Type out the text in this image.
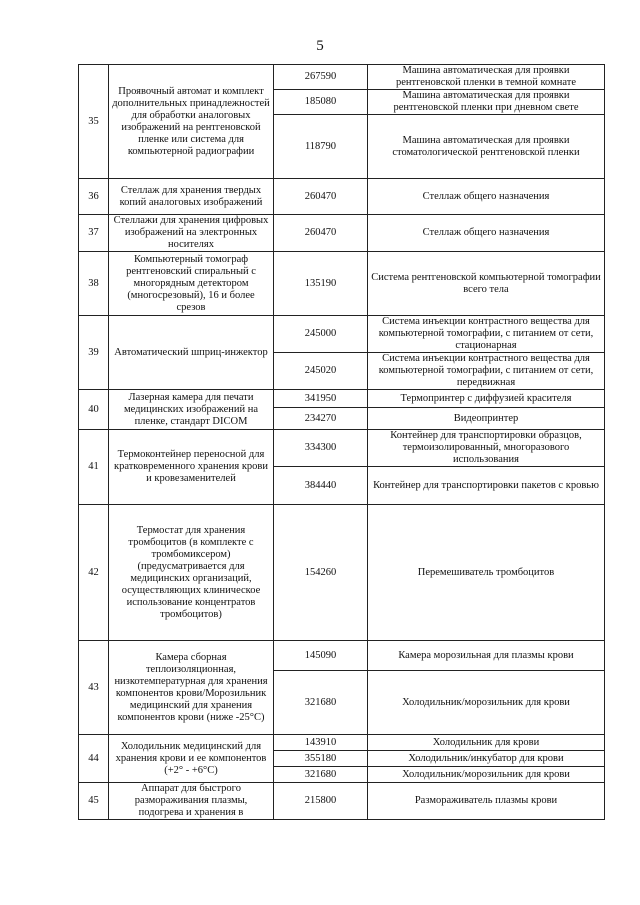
5
35	Проявочный автомат и комплект дополнительных принадлежностей для обработки аналоговых изображений на рентгеновской пленке или система для компьютерной радиографии	267590	Машина автоматическая для проявки рентгеновской пленки в темной комнате
		185080	Машина автоматическая для проявки рентгеновской пленки при дневном свете
		118790	Машина автоматическая для проявки стоматологической рентгеновской пленки
36	Стеллаж для хранения твердых копий аналоговых изображений	260470	Стеллаж общего назначения
37	Стеллажи для хранения цифровых изображений на электронных носителях	260470	Стеллаж общего назначения
38	Компьютерный томограф рентгеновский спиральный с многорядным детектором (многосрезовый), 16 и более срезов	135190	Система рентгеновской компьютерной томографии всего тела
39	Автоматический шприц-инжектор	245000	Система инъекции контрастного вещества для компьютерной томографии, с питанием от сети, стационарная
		245020	Система инъекции контрастного вещества для компьютерной томографии, с питанием от сети, передвижная
40	Лазерная камера для печати медицинских изображений на пленке, стандарт DICOM	341950	Термопринтер с диффузией красителя
		234270	Видеопринтер
41	Термоконтейнер переносной для кратковременного хранения крови и кровезаменителей	334300	Контейнер для транспортировки образцов, термоизолированный, многоразового использования
		384440	Контейнер для транспортировки пакетов с кровью
42	Термостат для хранения тромбоцитов (в комплекте с тромбомиксером) (предусматривается для медицинских организаций, осуществляющих клиническое использование концентратов тромбоцитов)	154260	Перемешиватель тромбоцитов
43	Камера сборная теплоизоляционная, низкотемпературная для хранения компонентов крови/Морозильник медицинский для хранения компонентов крови (ниже -25°С)	145090	Камера морозильная для плазмы крови
		321680	Холодильник/морозильник для крови
44	Холодильник медицинский для хранения крови и ее компонентов (+2° - +6°С)	143910	Холодильник для крови
		355180	Холодильник/инкубатор для крови
		321680	Холодильник/морозильник для крови
45	Аппарат для быстрого размораживания плазмы, подогрева и хранения в	215800	Размораживатель плазмы крови
